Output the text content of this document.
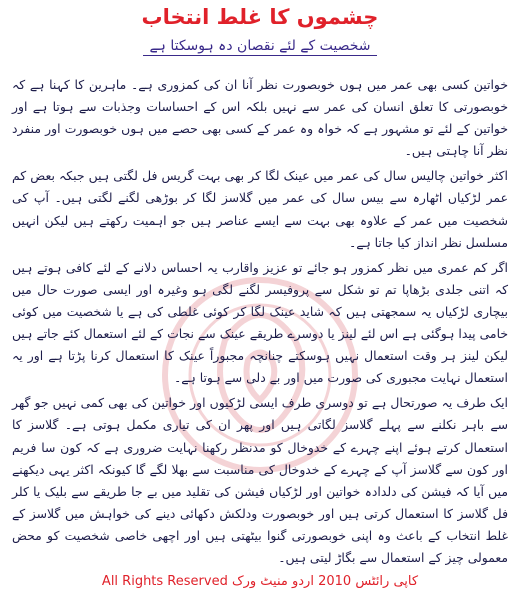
چشموں کا غلط انتخاب
شخصیت کے لئے نقصان دہ ہوسکتا ہے

خواتین کسی بھی عمر میں ہوں خوبصورت نظر آنا ان کی کمزوری ہے۔ ماہرین کا کہنا ہے کہ خوبصورتی کا تعلق انسان کی عمر سے نہیں بلکہ اس کے احساسات وجذبات سے ہوتا ہے اور خواتین کے لئے تو مشہور ہے کہ خواہ وہ عمر کے کسی بھی حصے میں ہوں خوبصورت اور منفرد نظر آنا چاہتی ہیں۔

اکثر خواتین چالیس سال کی عمر میں عینک لگا کر بھی بہت گریس فل لگتی ہیں جبکہ بعض کم عمر لڑکیاں اٹھارہ سے بیس سال کی عمر میں گلاسز لگا کر بوڑھی لگنے لگتی ہیں۔ آپ کی شخصیت میں عمر کے علاوہ بھی بہت سے ایسے عناصر ہیں جو اہمیت رکھتے ہیں لیکن انہیں مسلسل نظر انداز کیا جاتا ہے۔

اگر کم عمری میں نظر کمزور ہو جائے تو عزیز واقارب یہ احساس دلانے کے لئے کافی ہوتے ہیں کہ اتنی جلدی بڑھاپا تم تو شکل سے پروفیسر لگنے لگی ہو وغیرہ اور ایسی صورت حال میں بیچاری لڑکیاں یہ سمجھتی ہیں کہ شاید عینک لگا کر کوئی غلطی کی ہے یا شخصیت میں کوئی خامی پیدا ہوگئی ہے اس لئے لینز یا دوسرے طریقے عینک سے نجات کے لئے استعمال کئے جاتے ہیں لیکن لینز ہر وقت استعمال نہیں ہوسکتے چنانچہ مجبوراً عینک کا استعمال کرنا پڑتا ہے اور یہ استعمال نہایت مجبوری کی صورت میں اور بے دلی سے ہوتا ہے۔

ایک طرف یہ صورتحال ہے تو دوسری طرف ایسی لڑکیوں اور خواتین کی بھی کمی نہیں جو گھر سے باہر نکلنے سے پہلے گلاسز لگاتی ہیں اور پھر ان کی تیاری مکمل ہوتی ہے۔ گلاسز کا استعمال کرتے ہوئے اپنے چہرے کے خدوخال کو مدنظر رکھنا نہایت ضروری ہے کہ کون سا فریم اور کون سے گلاسز آپ کے چہرے کے خدوخال کی مناسبت سے بھلا لگے گا کیونکہ اکثر یہی دیکھنے میں آیا کہ فیشن کی دلدادہ خواتین اور لڑکیاں فیشن کی تقلید میں بے جا طریقے سے بلیک یا کلر فل گلاسز کا استعمال کرتی ہیں اور خوبصورت ودلکش دکھائی دینے کی خواہش میں گلاسز کے غلط انتخاب کے باعث وہ اپنی خوبصورتی گنوا بیٹھتی ہیں اور اچھی خاصی شخصیت کو محض معمولی چیز کے استعمال سے بگاڑ لیتی ہیں۔

کاپی رائٹس 2010 اردو منیٹ ورک All Rights Reserved
